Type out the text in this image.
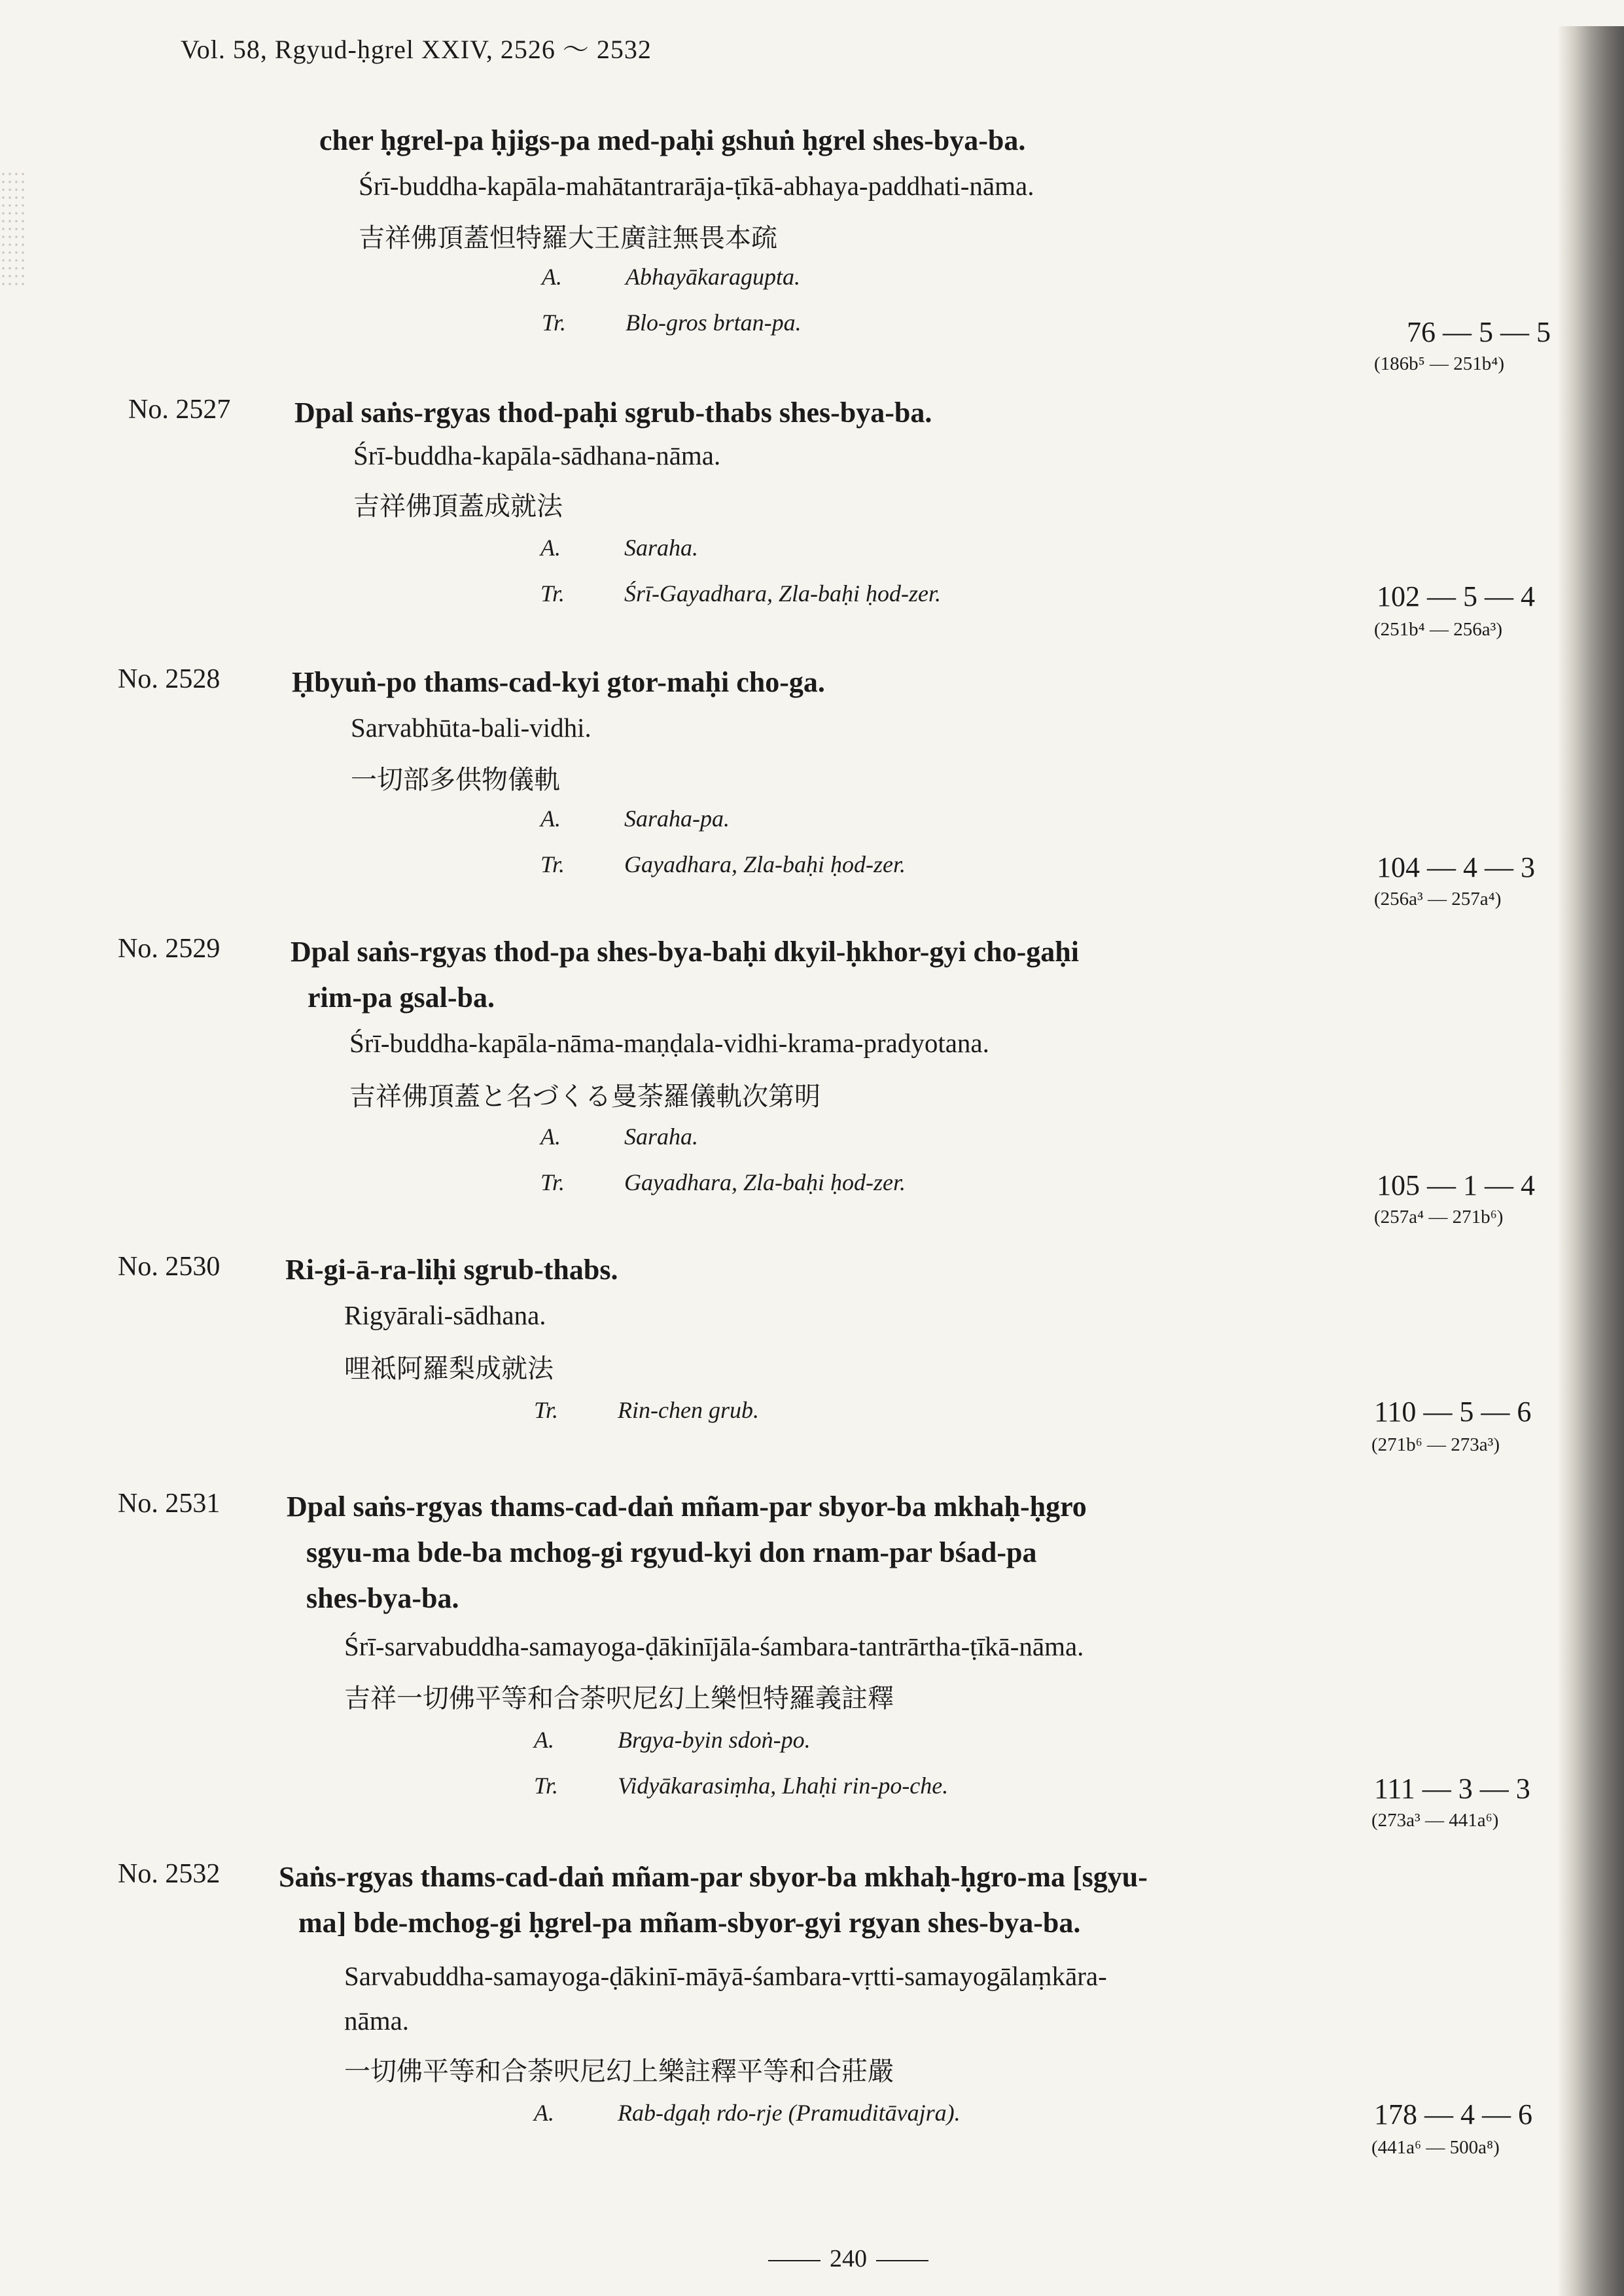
Vol. 58, Rgyud-ḥgrel XXIV, 2526 ～ 2532
cher ḥgrel-pa ḥjigs-pa med-paḥi gshuṅ ḥgrel shes-bya-ba.
Śrī-buddha-kapāla-mahātantrarāja-ṭīkā-abhaya-paddhati-nāma.
吉祥佛頂蓋怛特羅大王廣註無畏本疏
A.	Abhayākaragupta.
Tr.	Blo-gros brtan-pa.	76 — 5 — 5
(186b⁵ — 251b⁴)
No. 2527 Dpal saṅs-rgyas thod-paḥi sgrub-thabs shes-bya-ba.
Śrī-buddha-kapāla-sādhana-nāma.
吉祥佛頂蓋成就法
A.	Saraha.
Tr.	Śrī-Gayadhara, Zla-baḥi ḥod-zer.	102 — 5 — 4
(251b⁴ — 256a³)
No. 2528 Ḥbyuṅ-po thams-cad-kyi gtor-maḥi cho-ga.
Sarvabhūta-bali-vidhi.
一切部多供物儀軌
A.	Saraha-pa.
Tr.	Gayadhara, Zla-baḥi ḥod-zer.	104 — 4 — 3
(256a³ — 257a⁴)
No. 2529 Dpal saṅs-rgyas thod-pa shes-bya-baḥi dkyil-ḥkhor-gyi cho-gaḥi
rim-pa gsal-ba.
Śrī-buddha-kapāla-nāma-maṇḍala-vidhi-krama-pradyotana.
吉祥佛頂蓋と名づくる曼荼羅儀軌次第明
A.	Saraha.
Tr.	Gayadhara, Zla-baḥi ḥod-zer.	105 — 1 — 4
(257a⁴ — 271b⁶)
No. 2530 Ri-gi-ā-ra-liḥi sgrub-thabs.
Rigyārali-sādhana.
哩祗阿羅梨成就法
Tr.	Rin-chen grub.	110 — 5 — 6
(271b⁶ — 273a³)
No. 2531 Dpal saṅs-rgyas thams-cad-daṅ mñam-par sbyor-ba mkhaḥ-ḥgro
sgyu-ma bde-ba mchog-gi rgyud-kyi don rnam-par bśad-pa
shes-bya-ba.
Śrī-sarvabuddha-samayoga-ḍākinījāla-śambara-tantrārtha-ṭīkā-nāma.
吉祥一切佛平等和合荼呎尼幻上樂怛特羅義註釋
A.	Brgya-byin sdoṅ-po.
Tr.	Vidyākarasiṃha, Lhaḥi rin-po-che.	111 — 3 — 3
(273a³ — 441a⁶)
No. 2532 Saṅs-rgyas thams-cad-daṅ mñam-par sbyor-ba mkhaḥ-ḥgro-ma [sgyu-
ma] bde-mchog-gi ḥgrel-pa mñam-sbyor-gyi rgyan shes-bya-ba.
Sarvabuddha-samayoga-ḍākinī-māyā-śambara-vṛtti-samayogālaṃkāra-
nāma.
一切佛平等和合荼呎尼幻上樂註釋平等和合莊嚴
A.	Rab-dgaḥ rdo-rje (Pramuditāvajra).	178 — 4 — 6
(441a⁶ — 500a⁸)
240
